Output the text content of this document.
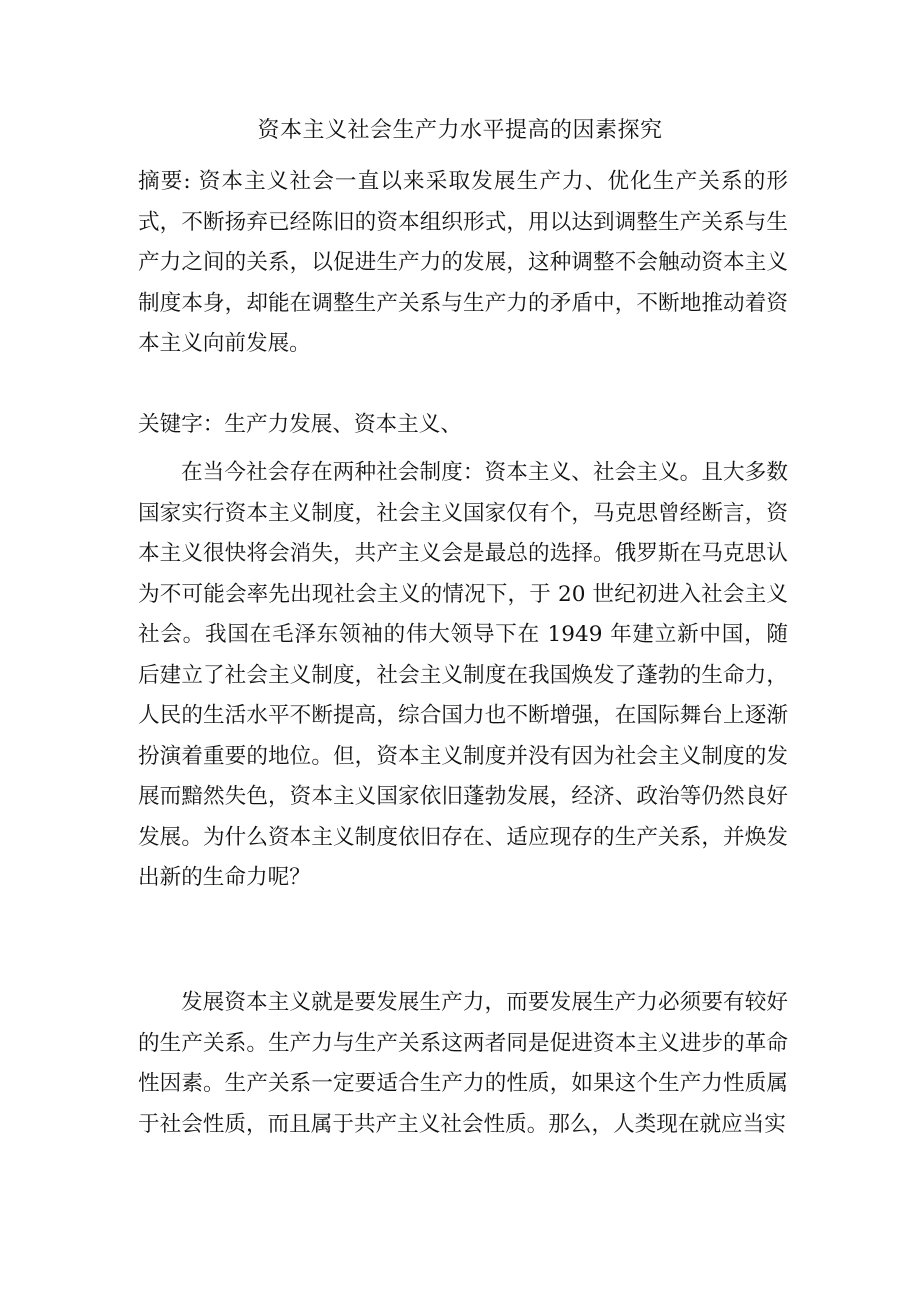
资本主义社会生产力水平提高的因素探究
摘要: 资本主义社会一直以来采取发展生产力、优化生产关系的形式，不断扬弃已经陈旧的资本组织形式，用以达到调整生产关系与生产力之间的关系，以促进生产力的发展，这种调整不会触动资本主义制度本身，却能在调整生产关系与生产力的矛盾中，不断地推动着资本主义向前发展。
关键字：生产力发展、资本主义、
在当今社会存在两种社会制度：资本主义、社会主义。且大多数国家实行资本主义制度，社会主义国家仅有个，马克思曾经断言，资本主义很快将会消失，共产主义会是最总的选择。俄罗斯在马克思认为不可能会率先出现社会主义的情况下，于 20 世纪初进入社会主义社会。我国在毛泽东领袖的伟大领导下在 1949 年建立新中国，随后建立了社会主义制度，社会主义制度在我国焕发了蓬勃的生命力，人民的生活水平不断提高，综合国力也不断增强，在国际舞台上逐渐扮演着重要的地位。但，资本主义制度并没有因为社会主义制度的发展而黯然失色，资本主义国家依旧蓬勃发展，经济、政治等仍然良好发展。为什么资本主义制度依旧存在、适应现存的生产关系，并焕发出新的生命力呢？
发展资本主义就是要发展生产力，而要发展生产力必须要有较好的生产关系。生产力与生产关系这两者同是促进资本主义进步的革命性因素。生产关系一定要适合生产力的性质，如果这个生产力性质属于社会性质，而且属于共产主义社会性质。那么，人类现在就应当实
